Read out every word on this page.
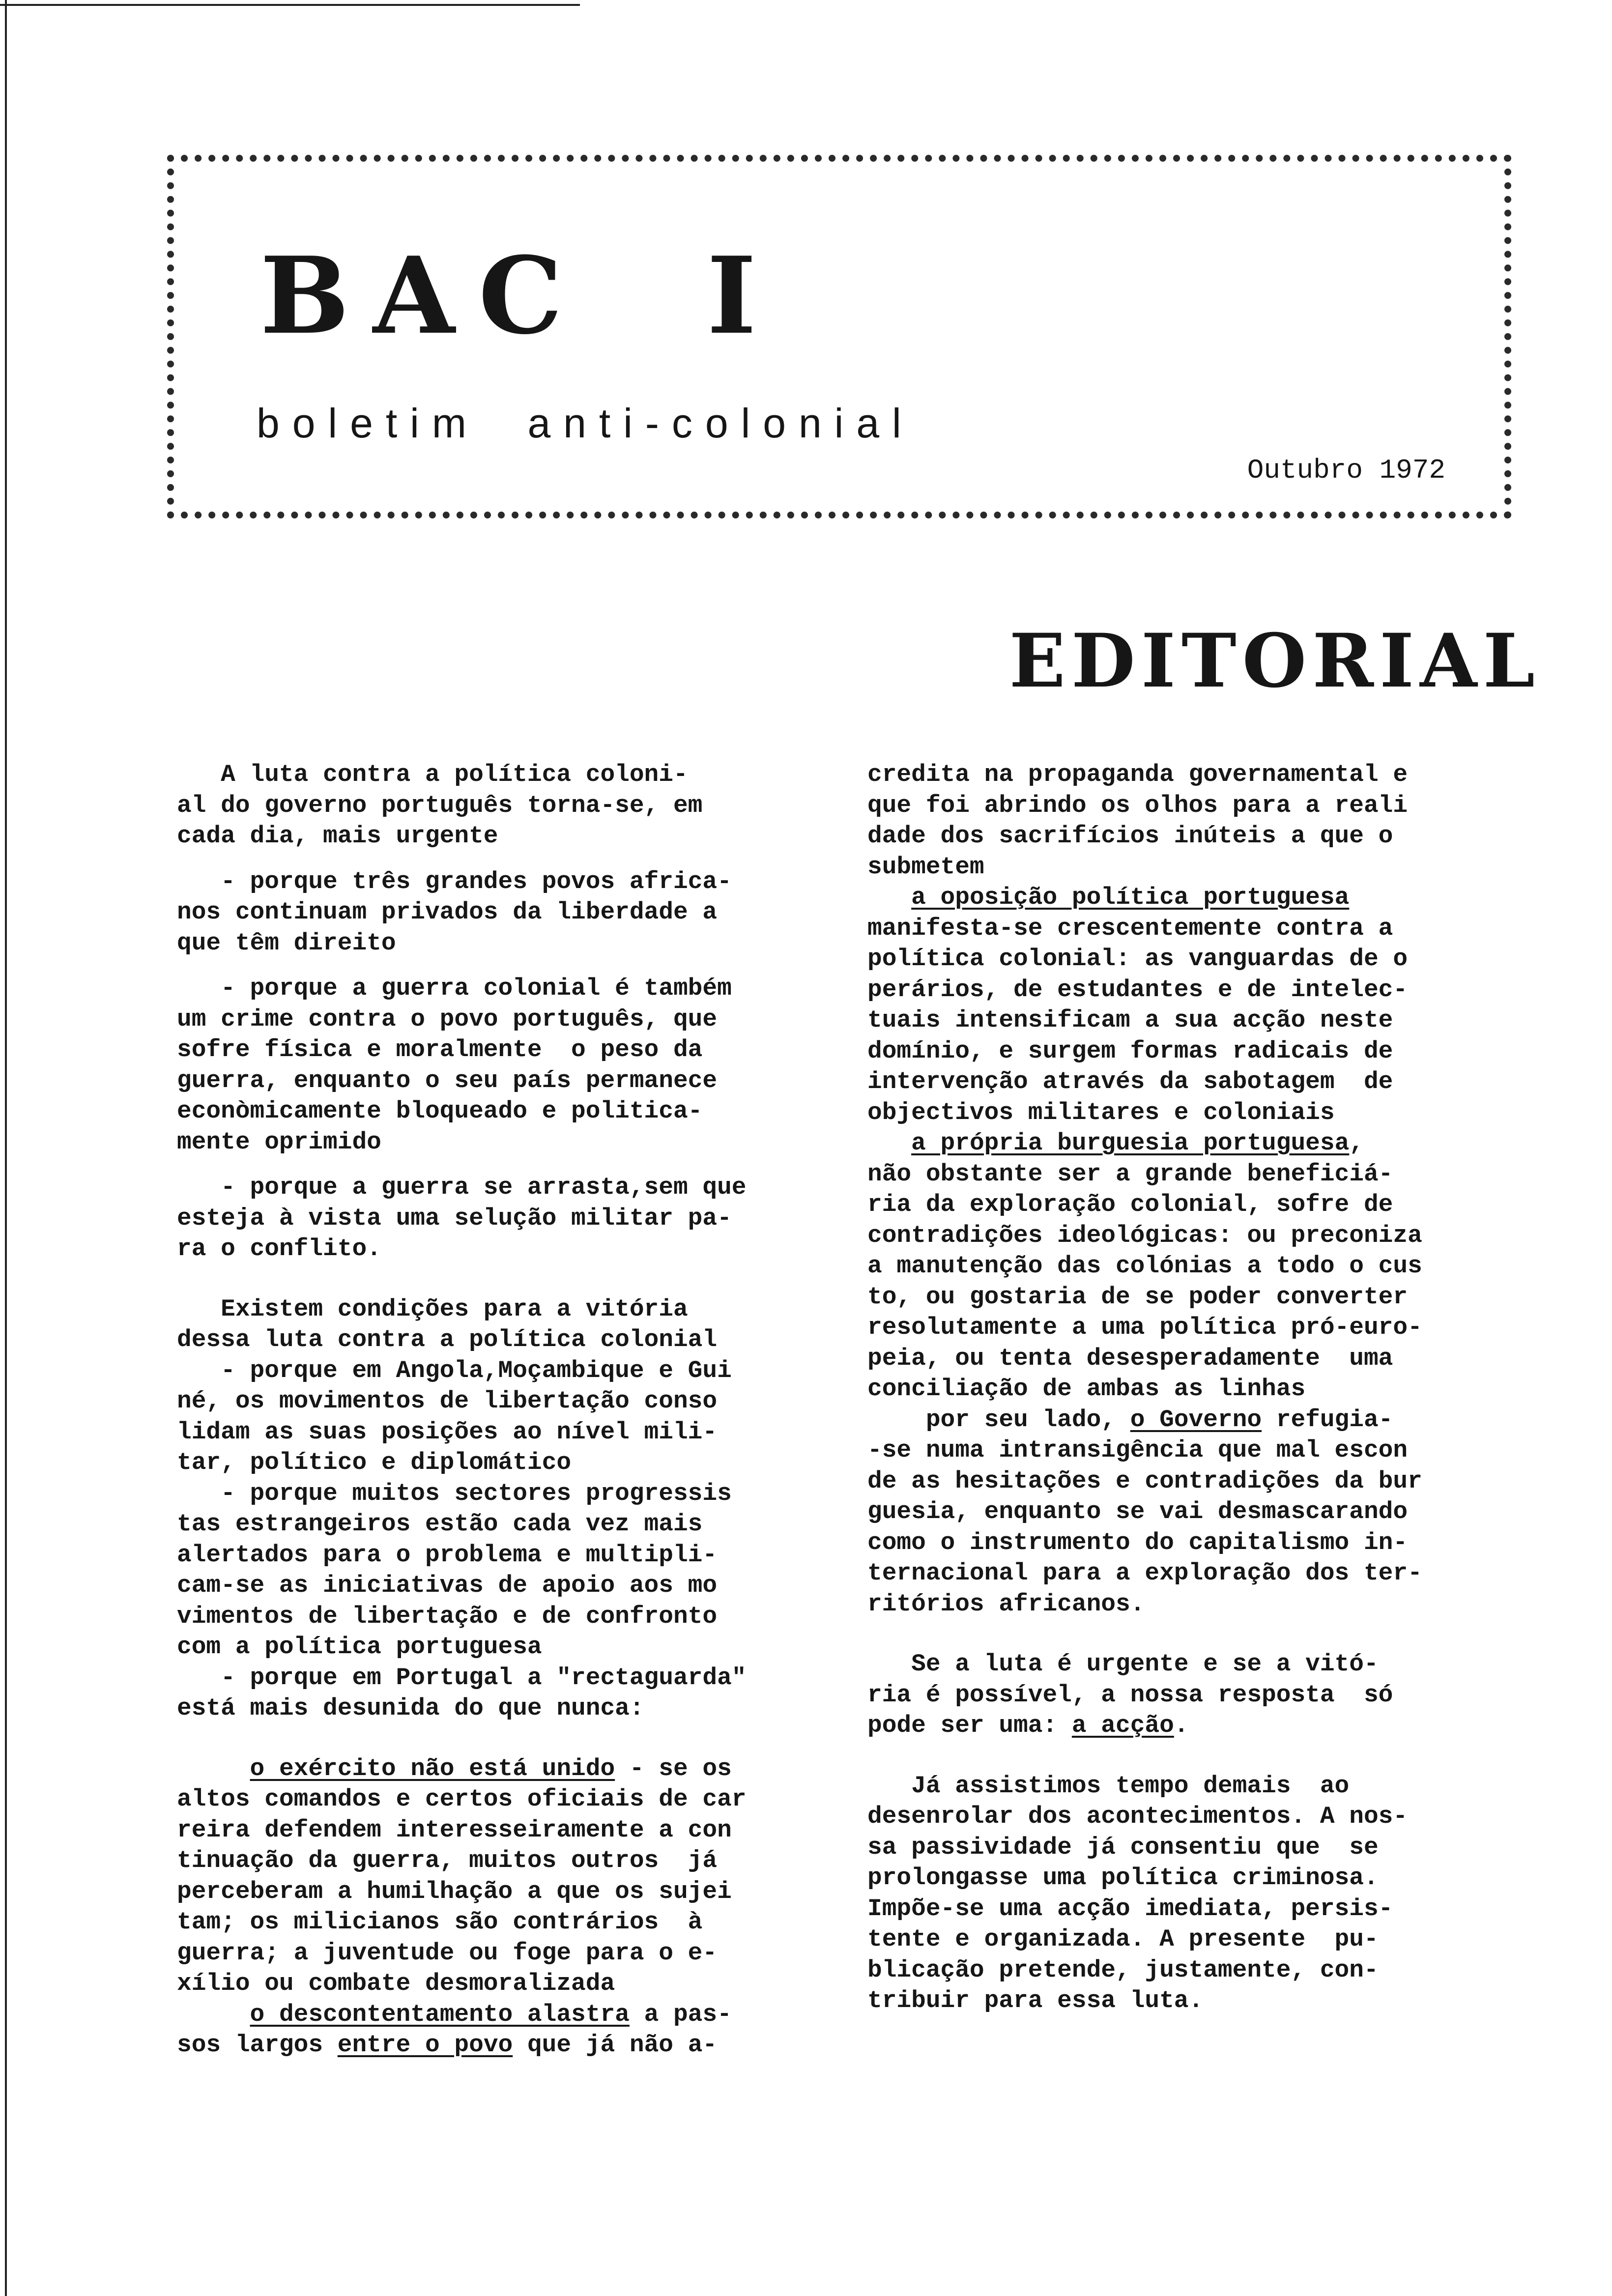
BAC  I

boletim  anti-colonial

Outubro 1972
EDITORIAL
A luta contra a política coloni-
al do governo português torna-se, em
cada dia, mais urgente
- porque três grandes povos africa-
nos continuam privados da liberdade a
que têm direito
- porque a guerra colonial é também
um crime contra o povo português, que
sofre física e moralmente  o peso da
guerra, enquanto o seu país permanece
econòmicamente bloqueado e politica-
mente oprimido
- porque a guerra se arrasta,sem que
esteja à vista uma selução militar pa-
ra o conflito.
Existem condições para a vitória
dessa luta contra a política colonial
- porque em Angola,Moçambique e Gui
né, os movimentos de libertação conso
lidam as suas posições ao nível mili-
tar, político e diplomático
- porque muitos sectores progressis
tas estrangeiros estão cada vez mais
alertados para o problema e multipli-
cam-se as iniciativas de apoio aos mo
vimentos de libertação e de confronto
com a política portuguesa
- porque em Portugal a "rectaguarda"
está mais desunida do que nunca:
o exército não está unido - se os
altos comandos e certos oficiais de car
reira defendem interesseiramente a con
tinuação da guerra, muitos outros  já
perceberam a humilhação a que os sujei
tam; os milicianos são contrários  à
guerra; a juventude ou foge para o e-
xílio ou combate desmoralizada
o descontentamento alastra a pas-
sos largos entre o povo que já não a-
credita na propaganda governamental e
que foi abrindo os olhos para a reali
dade dos sacrifícios inúteis a que o
submetem
a oposição política portuguesa
manifesta-se crescentemente contra a
política colonial: as vanguardas de o
perários, de estudantes e de intelec-
tuais intensificam a sua acção neste
domínio, e surgem formas radicais de
intervenção através da sabotagem  de
objectivos militares e coloniais
a própria burguesia portuguesa,
não obstante ser a grande beneficiá-
ria da exploração colonial, sofre de
contradições ideológicas: ou preconiza
a manutenção das colónias a todo o cus
to, ou gostaria de se poder converter
resolutamente a uma política pró-euro-
peia, ou tenta desesperadamente  uma
conciliação de ambas as linhas
por seu lado, o Governo refugia-
-se numa intransigência que mal escon
de as hesitações e contradições da bur
guesia, enquanto se vai desmascarando
como o instrumento do capitalismo in-
ternacional para a exploração dos ter-
ritórios africanos.
Se a luta é urgente e se a vitó-
ria é possível, a nossa resposta  só
pode ser uma: a acção.
Já assistimos tempo demais  ao
desenrolar dos acontecimentos. A nos-
sa passividade já consentiu que  se
prolongasse uma política criminosa.
Impõe-se uma acção imediata, persis-
tente e organizada. A presente  pu-
blicação pretende, justamente, con-
tribuir para essa luta.
